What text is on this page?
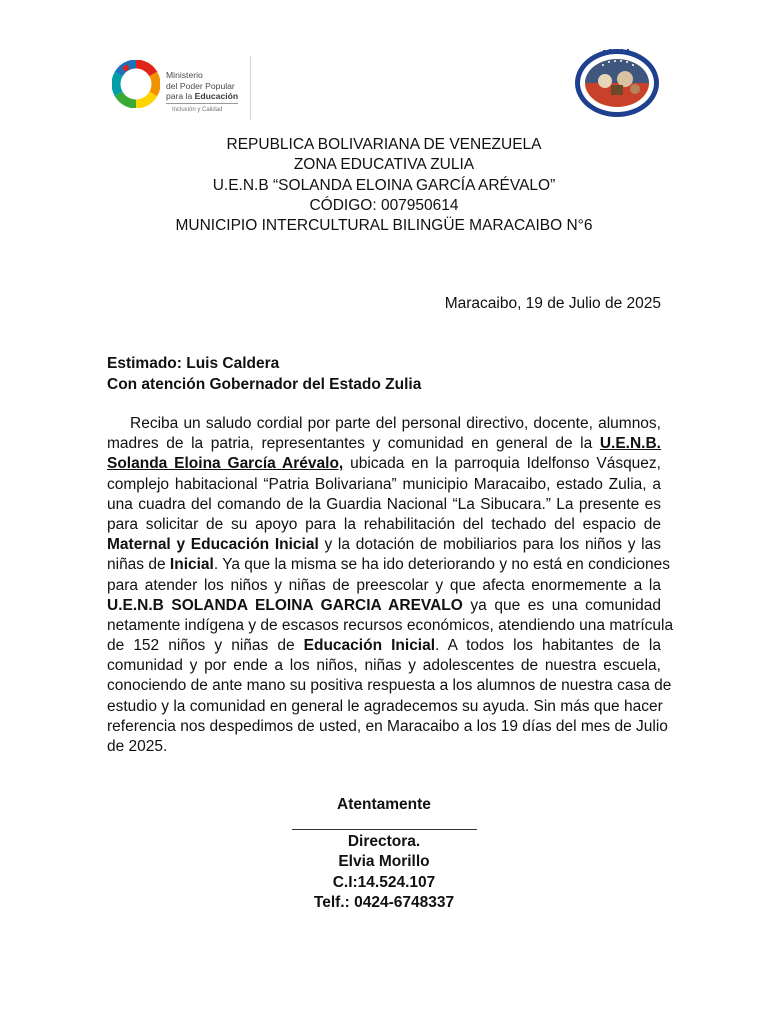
Ministerio
del Poder Popular
para la Educación
Inclusión y Calidad
REPUBLICA BOLIVARIANA DE VENEZUELA
ZONA EDUCATIVA ZULIA
U.E.N.B “SOLANDA ELOINA GARCÍA ARÉVALO”
CÓDIGO: 007950614
MUNICIPIO INTERCULTURAL BILINGÜE MARACAIBO N°6
Maracaibo, 19 de Julio de 2025
Estimado: Luis Caldera
Con atención Gobernador del Estado Zulia
Reciba un saludo cordial por parte del personal directivo, docente, alumnos,
madres de la patria, representantes y comunidad en general de la U.E.N.B.
Solanda Eloina García Arévalo, ubicada en la parroquia Idelfonso Vásquez,
complejo habitacional “Patria Bolivariana” municipio Maracaibo, estado Zulia, a
una cuadra del comando de la Guardia Nacional “La Sibucara.” La presente es
para solicitar de su apoyo para la rehabilitación del techado del espacio de
Maternal y Educación Inicial y la dotación de mobiliarios para los niños y las
niñas de Inicial. Ya que la misma se ha ido deteriorando y no está en condiciones
para atender los niños y niñas de preescolar y que afecta enormemente a la
U.E.N.B SOLANDA ELOINA GARCIA AREVALO ya que es una comunidad
netamente indígena y de escasos recursos económicos, atendiendo una matrícula
de 152 niños y niñas de Educación Inicial. A todos los habitantes de la
comunidad y por ende a los niños, niñas y adolescentes de nuestra escuela,
conociendo de ante mano su positiva respuesta a los alumnos de nuestra casa de
estudio y la comunidad en general le agradecemos su ayuda. Sin más que hacer
referencia nos despedimos de usted, en Maracaibo a los 19 días del mes de Julio
de 2025.
Atentamente
Directora.
Elvia Morillo
C.I:14.524.107
Telf.: 0424-6748337
